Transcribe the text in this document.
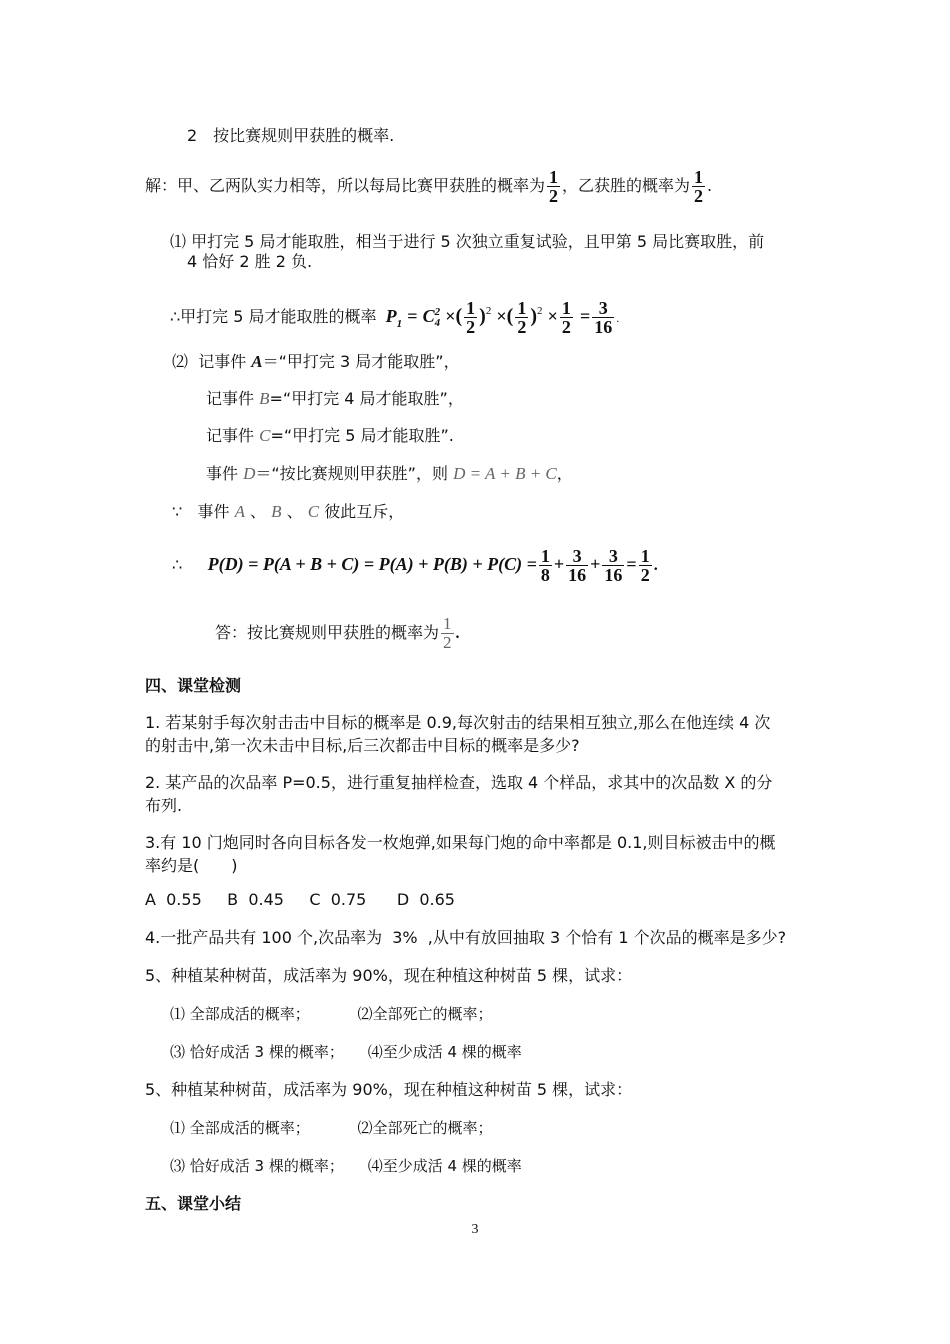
2　按比赛规则甲获胜的概率.
解：甲、乙两队实力相等，所以每局比赛甲获胜的概率为 $\frac{1}{2}$ ，乙获胜的概率为 $\frac{1}{2}$ .
⑴ 甲打完 5 局才能取胜，相当于进行 5 次独立重复试验，且甲第 5 局比赛取胜，前
4 恰好 2 胜 2 负.
∴甲打完 5 局才能取胜的概率 $P_1 = C$ 2
4 ×( $\frac{1}{2} )^2$ ×( $\frac{1}{2} )^2 \times \frac{1}{2} = \frac{3}{16}$ .
⑵ 记事件 A＝“甲打完 3 局才能取胜”，
记事件 B=“甲打完 4 局才能取胜”，
记事件 C=“甲打完 5 局才能取胜”.
事件 D＝“按比赛规则甲获胜”，则 D = A + B + C，
∵ 事件 A 、 B 、 C 彼此互斥，
∴ $P(D) = P(A + B + C) = P(A) + P(B) + P(C) = \frac{1}{8} + \frac{3}{16} + \frac{3}{16} = \frac{1}{2}$ .
答：按比赛规则甲获胜的概率为 $\frac{1}{2}$ .
四、课堂检测
1. 若某射手每次射击击中目标的概率是 0.9,每次射击的结果相互独立,那么在他连续 4 次
的射击中,第一次未击中目标,后三次都击中目标的概率是多少?
2. 某产品的次品率 P=0.5，进行重复抽样检查，选取 4 个样品，求其中的次品数 X 的分
布列.
3.有 10 门炮同时各向目标各发一枚炮弹,如果每门炮的命中率都是 0.1,则目标被击中的概
率约是(　　)
A  0.55     B  0.45     C  0.75      D  0.65
4.一批产品共有 100 个,次品率为  3%  ,从中有放回抽取 3 个恰有 1 个次品的概率是多少?
5、种植某种树苗，成活率为 90%，现在种植这种树苗 5 棵，试求：
⑴ 全部成活的概率；          ⑵全部死亡的概率；
⑶ 恰好成活 3 棵的概率；     ⑷至少成活 4 棵的概率
5、种植某种树苗，成活率为 90%，现在种植这种树苗 5 棵，试求：
⑴ 全部成活的概率；          ⑵全部死亡的概率；
⑶ 恰好成活 3 棵的概率；     ⑷至少成活 4 棵的概率
五、课堂小结
3
